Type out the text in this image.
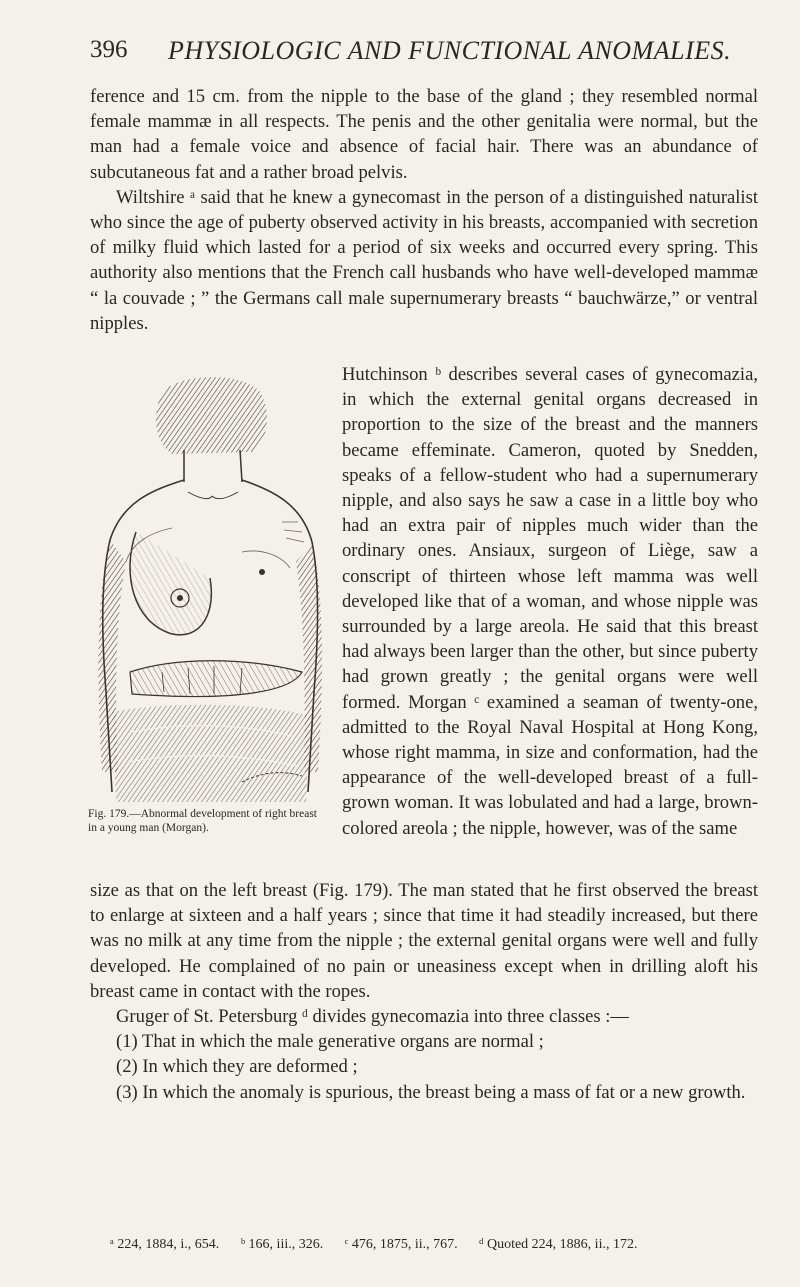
396 PHYSIOLOGIC AND FUNCTIONAL ANOMALIES.

ference and 15 cm. from the nipple to the base of the gland ; they resembled normal female mammæ in all respects. The penis and the other genitalia were normal, but the man had a female voice and absence of facial hair. There was an abundance of subcutaneous fat and a rather broad pelvis.

Wiltshire ᵃ said that he knew a gynecomast in the person of a distinguished naturalist who since the age of puberty observed activity in his breasts, accompanied with secretion of milky fluid which lasted for a period of six weeks and occurred every spring. This authority also mentions that the French call husbands who have well-developed mammæ “ la couvade ; ” the Germans call male supernumerary breasts “ bauchwärze,” or ventral nipples.

Fig. 179.—Abnormal development of right breast in a young man (Morgan).

Hutchinson ᵇ describes several cases of gynecomazia, in which the external genital organs decreased in proportion to the size of the breast and the manners became effeminate. Cameron, quoted by Snedden, speaks of a fellow-student who had a supernumerary nipple, and also says he saw a case in a little boy who had an extra pair of nipples much wider than the ordinary ones. Ansiaux, surgeon of Liège, saw a conscript of thirteen whose left mamma was well developed like that of a woman, and whose nipple was surrounded by a large areola. He said that this breast had always been larger than the other, but since puberty had grown greatly ; the genital organs were well formed. Morgan ᶜ examined a seaman of twenty-one, admitted to the Royal Naval Hospital at Hong Kong, whose right mamma, in size and conformation, had the appearance of the well-developed breast of a full-grown woman. It was lobulated and had a large, brown-colored areola ; the nipple, however, was of the same

size as that on the left breast (Fig. 179). The man stated that he first observed the breast to enlarge at sixteen and a half years ; since that time it had steadily increased, but there was no milk at any time from the nipple ; the external genital organs were well and fully developed. He complained of no pain or uneasiness except when in drilling aloft his breast came in contact with the ropes.

Gruger of St. Petersburg ᵈ divides gynecomazia into three classes :—

(1) That in which the male generative organs are normal ;

(2) In which they are deformed ;

(3) In which the anomaly is spurious, the breast being a mass of fat or a new growth.

ᵃ 224, 1884, i., 654. ᵇ 166, iii., 326. ᶜ 476, 1875, ii., 767. ᵈ Quoted 224, 1886, ii., 172.
